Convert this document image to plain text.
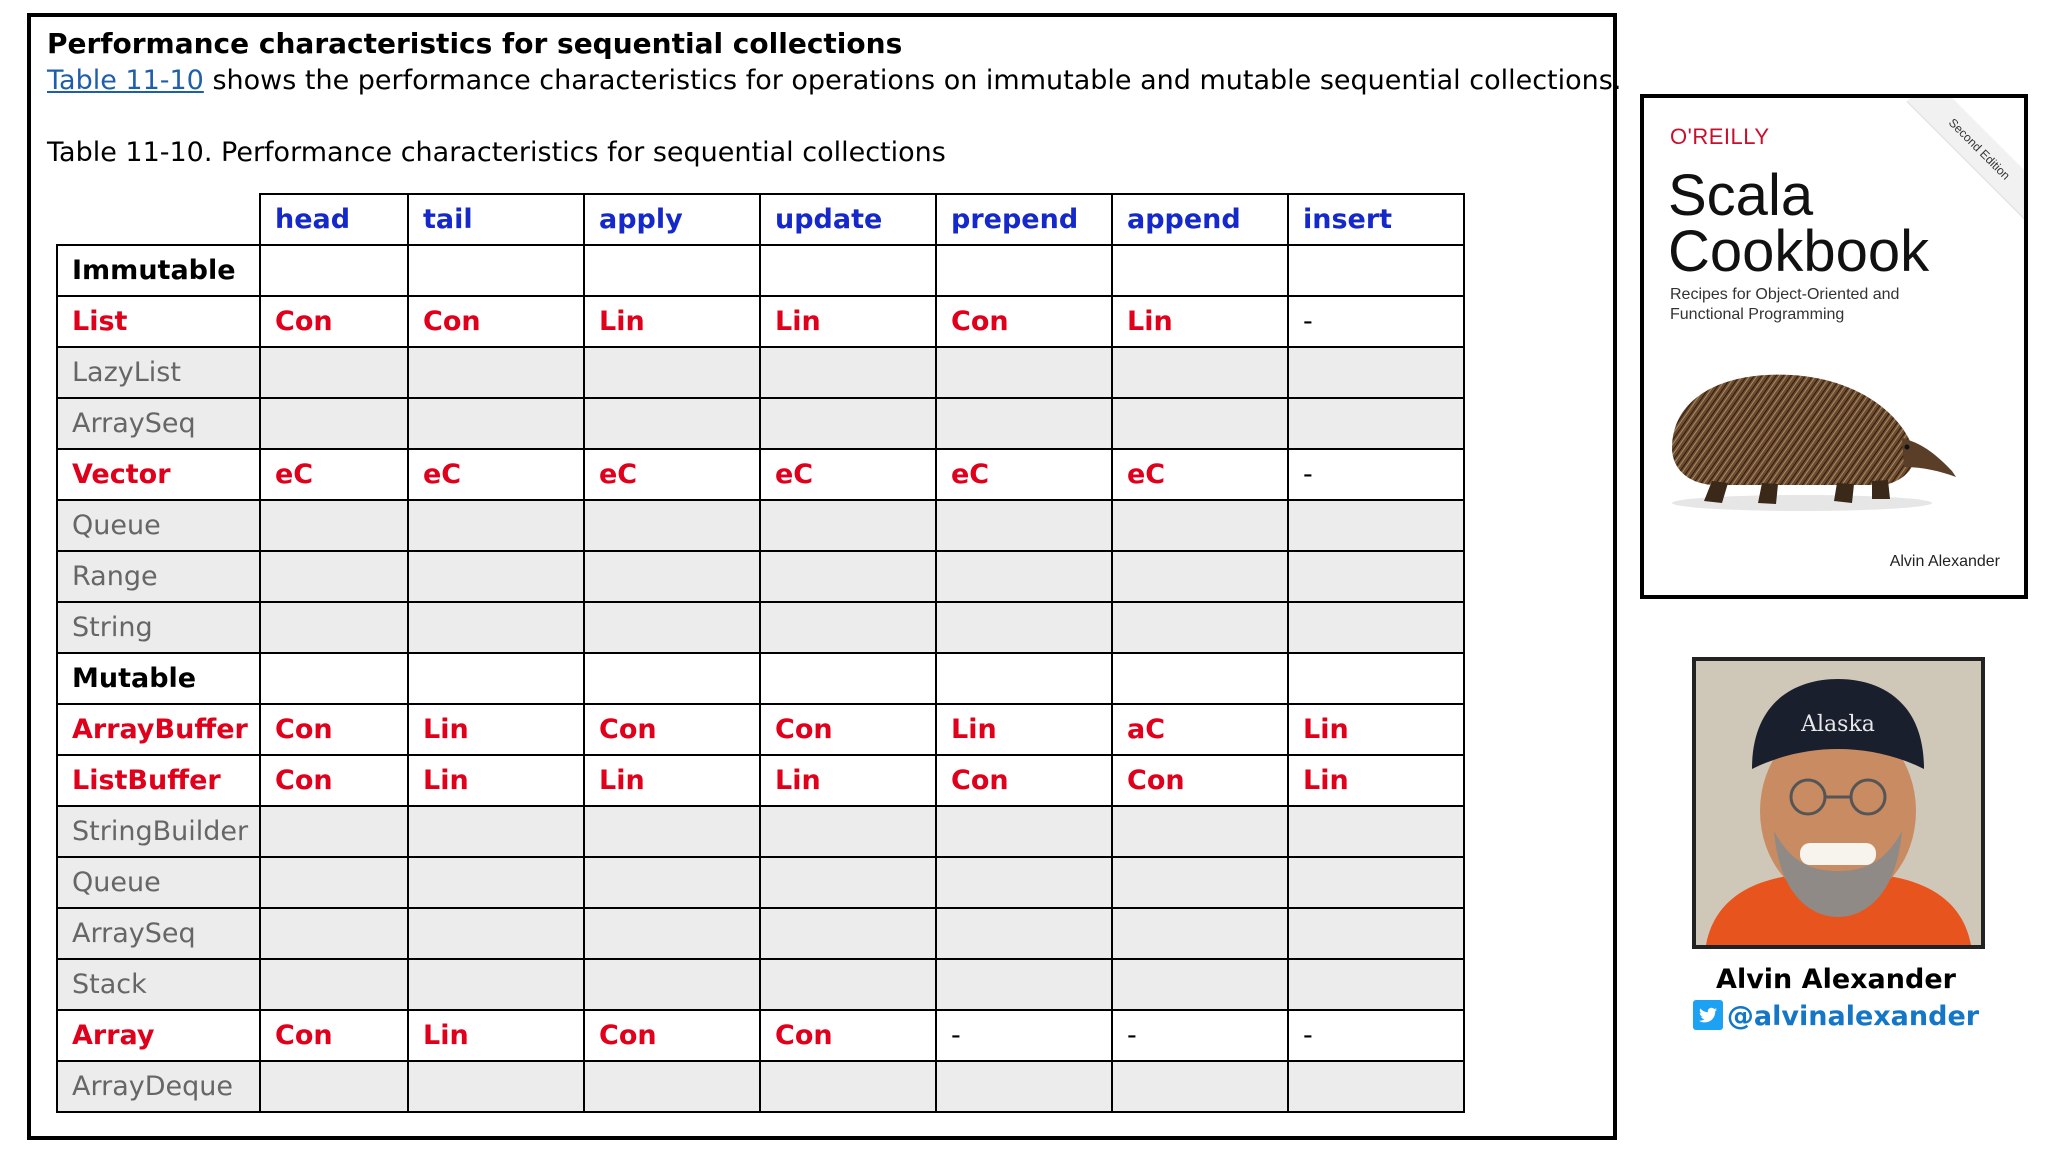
Performance characteristics for sequential collections
Table 11-10 shows the performance characteristics for operations on immutable and mutable sequential collections.
Table 11-10. Performance characteristics for sequential collections
	head	tail	apply	update	prepend	append	insert
Immutable							
List	Con	Con	Lin	Lin	Con	Lin	-
LazyList							
ArraySeq							
Vector	eC	eC	eC	eC	eC	eC	-
Queue							
Range							
String							
Mutable							
ArrayBuffer	Con	Lin	Con	Con	Lin	aC	Lin
ListBuffer	Con	Lin	Lin	Lin	Con	Con	Lin
StringBuilder							
Queue							
ArraySeq							
Stack							
Array	Con	Lin	Con	Con	-	-	-
ArrayDeque							
O'REILLY	Second Edition
Scala
Cookbook
Recipes for Object-Oriented and Functional Programming
Alvin Alexander
Alaska
Alvin Alexander
@alvinalexander
